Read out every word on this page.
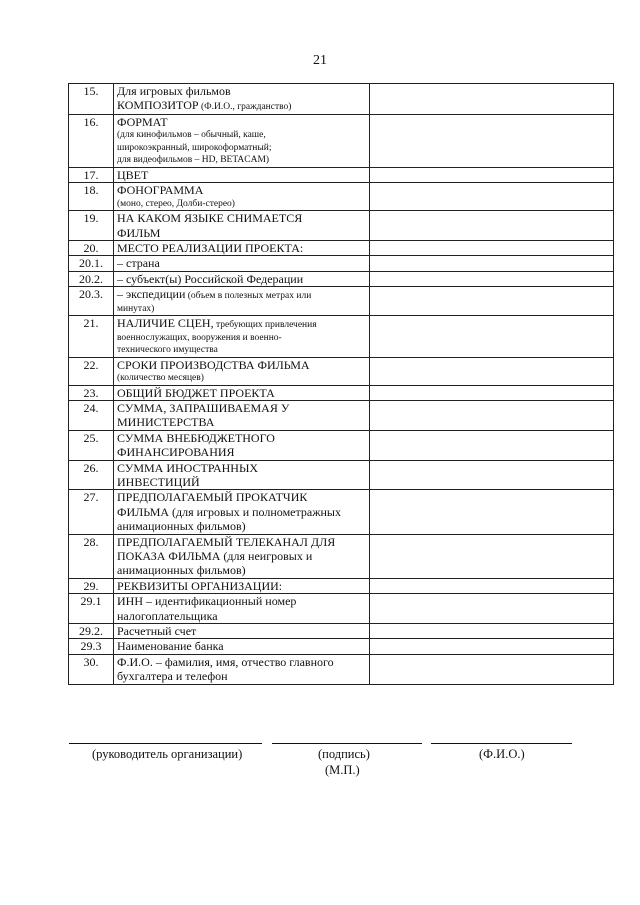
21
15.	Для игровых фильмов
КОМПОЗИТОР (Ф.И.О., гражданство)	

16.	ФОРМАТ
(для кинофильмов – обычный, каше,
широкоэкранный, широкоформатный;
для видеофильмов – HD, BETACAM)	

17.	ЦВЕТ	

18.	ФОНОГРАММА
(моно, стерео, Долби-стерео)	

19.	НА КАКОМ ЯЗЫКЕ СНИМАЕТСЯ
ФИЛЬМ	

20.	МЕСТО РЕАЛИЗАЦИИ ПРОЕКТА:	

20.1.	– страна	

20.2.	– субъект(ы) Российской Федерации	

20.3.	– экспедиции (объем в полезных метрах или
минутах)	

21.	НАЛИЧИЕ СЦЕН, требующих привлечения
военнослужащих, вооружения и военно-
технического имущества	

22.	СРОКИ ПРОИЗВОДСТВА ФИЛЬМА
(количество месяцев)	

23.	ОБЩИЙ БЮДЖЕТ ПРОЕКТА	

24.	СУММА, ЗАПРАШИВАЕМАЯ У
МИНИСТЕРСТВА	

25.	СУММА ВНЕБЮДЖЕТНОГО
ФИНАНСИРОВАНИЯ	

26.	СУММА ИНОСТРАННЫХ
ИНВЕСТИЦИЙ	

27.	ПРЕДПОЛАГАЕМЫЙ ПРОКАТЧИК
ФИЛЬМА (для игровых и полнометражных
анимационных фильмов)	

28.	ПРЕДПОЛАГАЕМЫЙ ТЕЛЕКАНАЛ ДЛЯ
ПОКАЗА ФИЛЬМА (для неигровых и
анимационных фильмов)	

29.	РЕКВИЗИТЫ ОРГАНИЗАЦИИ:	

29.1	ИНН – идентификационный номер
налогоплательщика	

29.2.	Расчетный счет	

29.3	Наименование банка	

30.	Ф.И.О. – фамилия, имя, отчество главного
бухгалтера и телефон	

(руководитель организации)	(подпись)
(М.П.)
(Ф.И.О.)
